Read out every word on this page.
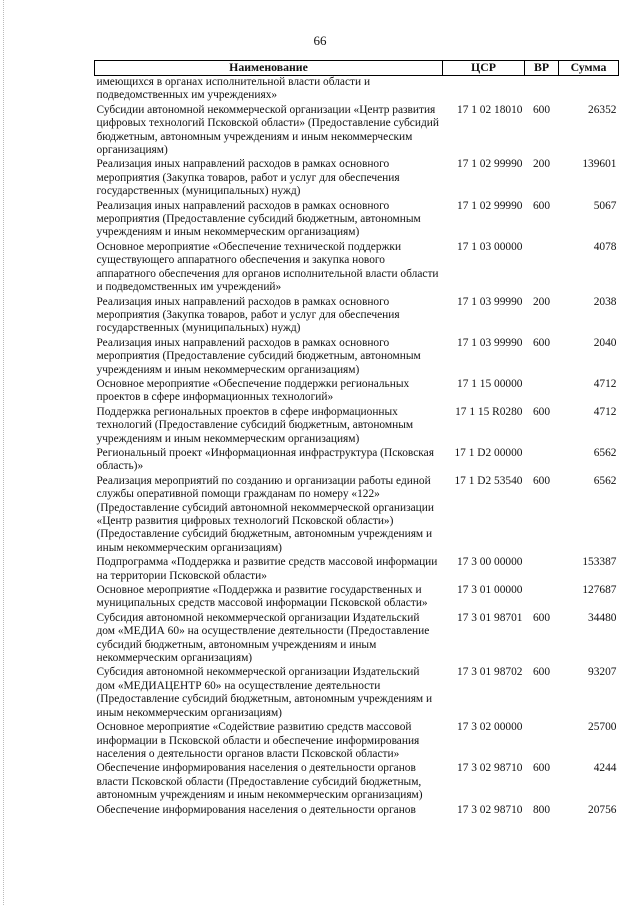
66
Наименование	ЦСР	ВР	Сумма
имеющихся в органах исполнительной власти области и подведомственных им учреждениях»			
Субсидии автономной некоммерческой организации «Центр развития цифровых технологий Псковской области» (Предоставление субсидий бюджетным, автономным учреждениям и иным некоммерческим организациям)	17 1 02 18010	600	26352
Реализация иных направлений расходов в рамках основного мероприятия (Закупка товаров, работ и услуг для обеспечения государственных (муниципальных) нужд)	17 1 02 99990	200	139601
Реализация иных направлений расходов в рамках основного мероприятия (Предоставление субсидий бюджетным, автономным учреждениям и иным некоммерческим организациям)	17 1 02 99990	600	5067
Основное мероприятие «Обеспечение технической поддержки существующего аппаратного обеспечения и закупка нового аппаратного обеспечения для органов исполнительной власти области и подведомственных им учреждений»	17 1 03 00000		4078
Реализация иных направлений расходов в рамках основного мероприятия (Закупка товаров, работ и услуг для обеспечения государственных (муниципальных) нужд)	17 1 03 99990	200	2038
Реализация иных направлений расходов в рамках основного мероприятия (Предоставление субсидий бюджетным, автономным учреждениям и иным некоммерческим организациям)	17 1 03 99990	600	2040
Основное мероприятие «Обеспечение поддержки региональных проектов в сфере информационных технологий»	17 1 15 00000		4712
Поддержка региональных проектов в сфере информационных технологий (Предоставление субсидий бюджетным, автономным учреждениям и иным некоммерческим организациям)	17 1 15 R0280	600	4712
Региональный проект «Информационная инфраструктура (Псковская область)»	17 1 D2 00000		6562
Реализация мероприятий по созданию и организации работы единой службы оперативной помощи гражданам по номеру «122» (Предоставление субсидий автономной некоммерческой организации «Центр развития цифровых технологий Псковской области») (Предоставление субсидий бюджетным, автономным учреждениям и иным некоммерческим организациям)	17 1 D2 53540	600	6562
Подпрограмма «Поддержка и развитие средств массовой информации на территории Псковской области»	17 3 00 00000		153387
Основное мероприятие «Поддержка и развитие государственных и муниципальных средств массовой информации Псковской области»	17 3 01 00000		127687
Субсидия автономной некоммерческой организации Издательский дом «МЕДИА 60» на осуществление деятельности (Предоставление субсидий бюджетным, автономным учреждениям и иным некоммерческим организациям)	17 3 01 98701	600	34480
Субсидия автономной некоммерческой организации Издательский дом «МЕДИАЦЕНТР 60» на осуществление деятельности (Предоставление субсидий бюджетным, автономным учреждениям и иным некоммерческим организациям)	17 3 01 98702	600	93207
Основное мероприятие «Содействие развитию средств массовой информации в Псковской области и обеспечение информирования населения о деятельности органов власти Псковской области»	17 3 02 00000		25700
Обеспечение информирования населения о деятельности органов власти Псковской области (Предоставление субсидий бюджетным, автономным учреждениям и иным некоммерческим организациям)	17 3 02 98710	600	4244
Обеспечение информирования населения о деятельности органов	17 3 02 98710	800	20756
